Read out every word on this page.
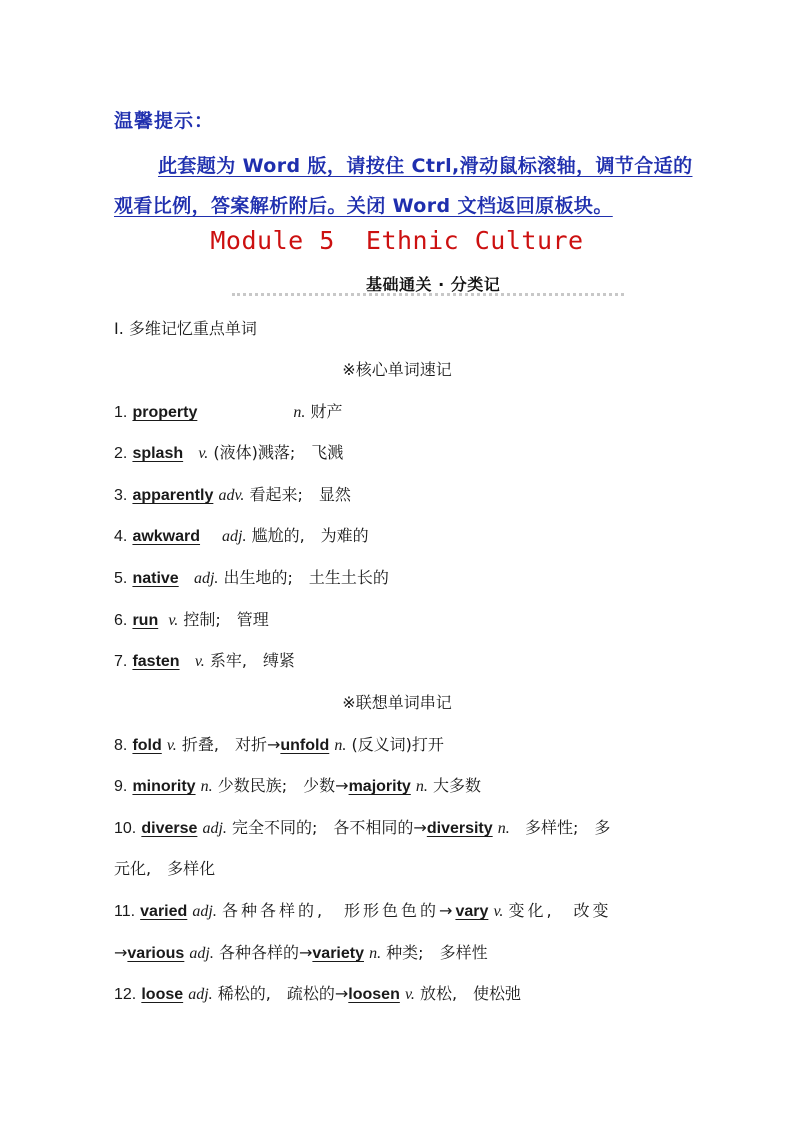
温馨提示：
此套题为 Word 版，请按住 Ctrl,滑动鼠标滚轴，调节合适的观看比例，答案解析附后。关闭 Word 文档返回原板块。
Module 5  Ethnic Culture
基础通关 · 分类记
Ⅰ. 多维记忆重点单词
※核心单词速记
1. property	n. 财产
2. splash v. (液体)溅落;　飞溅
3. apparently adv. 看起来;　显然
4. awkward adj. 尴尬的,　为难的
5. native adj. 出生地的;　土生土长的
6. run v. 控制;　管理
7. fasten v. 系牢,　缚紧
※联想单词串记
8. fold v. 折叠,　对折→unfold n. (反义词)打开
9. minority n. 少数民族;　少数→majority n. 大多数
10. diverse adj. 完全不同的;　各不相同的→diversity n. 多样性;　多
元化,　多样化
11. varied adj. 各种各样的,　形形色色的→vary v. 变化,　改变
→various adj. 各种各样的→variety n. 种类;　多样性
12. loose adj. 稀松的,　疏松的→loosen v. 放松,　使松弛
